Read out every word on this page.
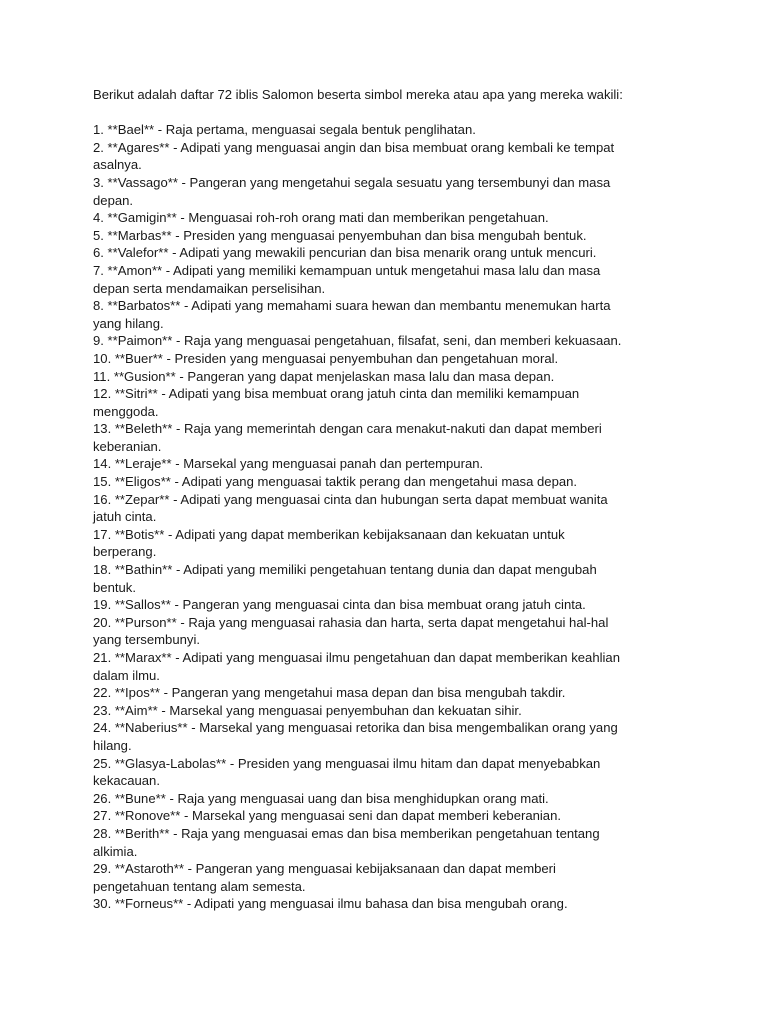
Berikut adalah daftar 72 iblis Salomon beserta simbol mereka atau apa yang mereka wakili:

1. **Bael** - Raja pertama, menguasai segala bentuk penglihatan.
2. **Agares** - Adipati yang menguasai angin dan bisa membuat orang kembali ke tempat
asalnya.
3. **Vassago** - Pangeran yang mengetahui segala sesuatu yang tersembunyi dan masa
depan.
4. **Gamigin** - Menguasai roh-roh orang mati dan memberikan pengetahuan.
5. **Marbas** - Presiden yang menguasai penyembuhan dan bisa mengubah bentuk.
6. **Valefor** - Adipati yang mewakili pencurian dan bisa menarik orang untuk mencuri.
7. **Amon** - Adipati yang memiliki kemampuan untuk mengetahui masa lalu dan masa
depan serta mendamaikan perselisihan.
8. **Barbatos** - Adipati yang memahami suara hewan dan membantu menemukan harta
yang hilang.
9. **Paimon** - Raja yang menguasai pengetahuan, filsafat, seni, dan memberi kekuasaan.
10. **Buer** - Presiden yang menguasai penyembuhan dan pengetahuan moral.
11. **Gusion** - Pangeran yang dapat menjelaskan masa lalu dan masa depan.
12. **Sitri** - Adipati yang bisa membuat orang jatuh cinta dan memiliki kemampuan
menggoda.
13. **Beleth** - Raja yang memerintah dengan cara menakut-nakuti dan dapat memberi
keberanian.
14. **Leraje** - Marsekal yang menguasai panah dan pertempuran.
15. **Eligos** - Adipati yang menguasai taktik perang dan mengetahui masa depan.
16. **Zepar** - Adipati yang menguasai cinta dan hubungan serta dapat membuat wanita
jatuh cinta.
17. **Botis** - Adipati yang dapat memberikan kebijaksanaan dan kekuatan untuk
berperang.
18. **Bathin** - Adipati yang memiliki pengetahuan tentang dunia dan dapat mengubah
bentuk.
19. **Sallos** - Pangeran yang menguasai cinta dan bisa membuat orang jatuh cinta.
20. **Purson** - Raja yang menguasai rahasia dan harta, serta dapat mengetahui hal-hal
yang tersembunyi.
21. **Marax** - Adipati yang menguasai ilmu pengetahuan dan dapat memberikan keahlian
dalam ilmu.
22. **Ipos** - Pangeran yang mengetahui masa depan dan bisa mengubah takdir.
23. **Aim** - Marsekal yang menguasai penyembuhan dan kekuatan sihir.
24. **Naberius** - Marsekal yang menguasai retorika dan bisa mengembalikan orang yang
hilang.
25. **Glasya-Labolas** - Presiden yang menguasai ilmu hitam dan dapat menyebabkan
kekacauan.
26. **Bune** - Raja yang menguasai uang dan bisa menghidupkan orang mati.
27. **Ronove** - Marsekal yang menguasai seni dan dapat memberi keberanian.
28. **Berith** - Raja yang menguasai emas dan bisa memberikan pengetahuan tentang
alkimia.
29. **Astaroth** - Pangeran yang menguasai kebijaksanaan dan dapat memberi
pengetahuan tentang alam semesta.
30. **Forneus** - Adipati yang menguasai ilmu bahasa dan bisa mengubah orang.
